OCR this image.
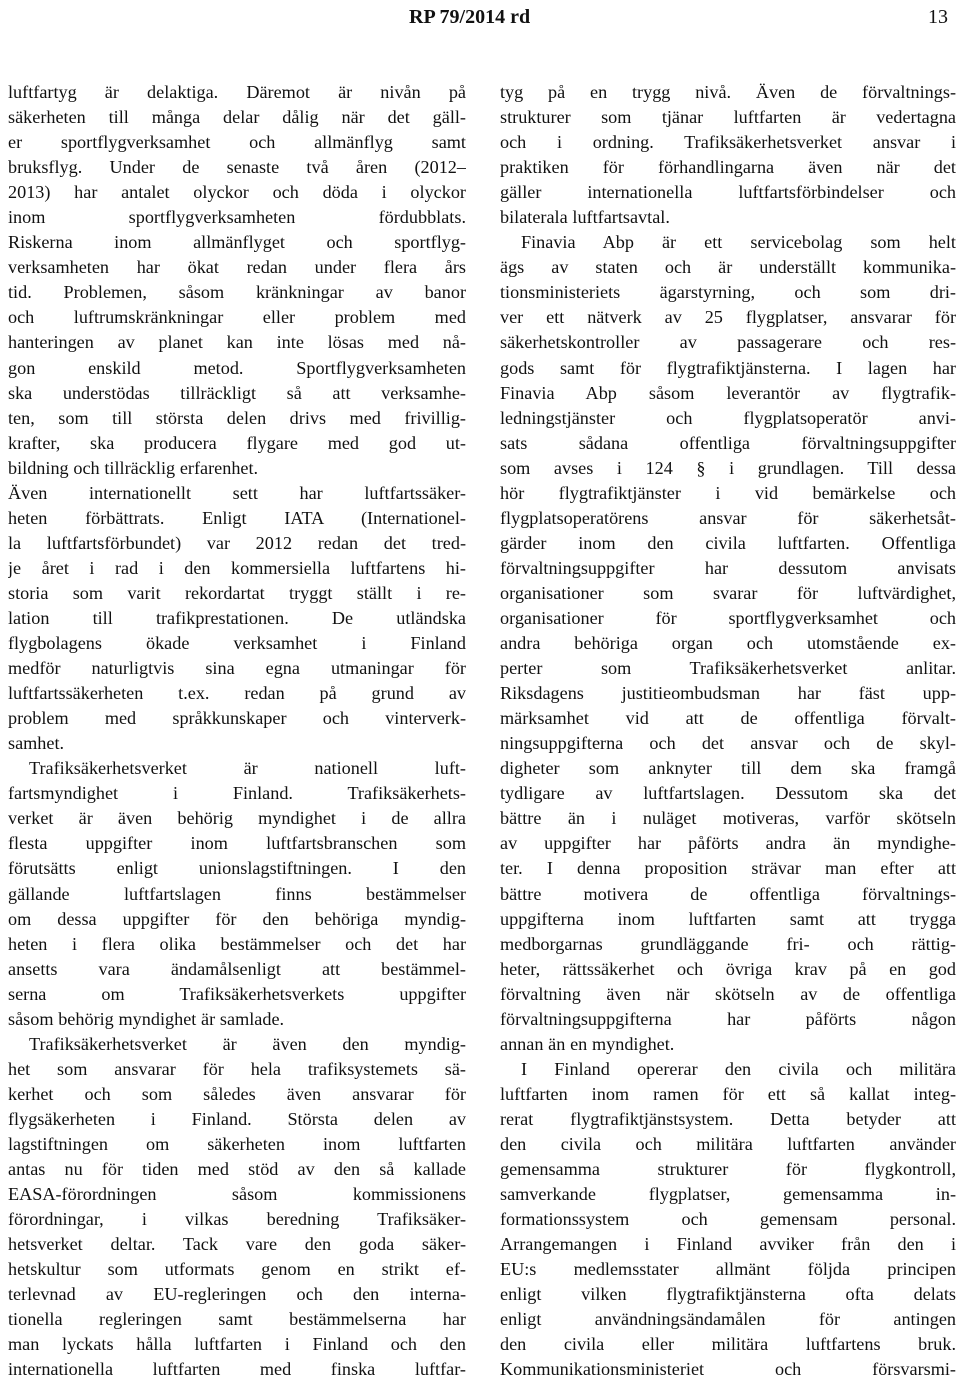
RP 79/2014 rd	13
luftfartyg är delaktiga. Däremot är nivån på
säkerheten till många delar dålig när det gäll-
er sportflygverksamhet och allmänflyg samt
bruksflyg. Under de senaste två åren (2012–
2013) har antalet olyckor och döda i olyckor
inom sportflygverksamheten fördubblats.
Riskerna inom allmänflyget och sportflyg-
verksamheten har ökat redan under flera års
tid. Problemen, såsom kränkningar av banor
och luftrumskränkningar eller problem med
hanteringen av planet kan inte lösas med nå-
gon enskild metod. Sportflygverksamheten
ska understödas tillräckligt så att verksamhe-
ten, som till största delen drivs med frivillig-
krafter, ska producera flygare med god ut-
bildning och tillräcklig erfarenhet.
Även internationellt sett har luftfartssäker-
heten förbättrats. Enligt IATA (Internationel-
la luftfartsförbundet) var 2012 redan det tred-
je året i rad i den kommersiella luftfartens hi-
storia som varit rekordartat tryggt ställt i re-
lation till trafikprestationen. De utländska
flygbolagens ökade verksamhet i Finland
medför naturligtvis sina egna utmaningar för
luftfartssäkerheten t.ex. redan på grund av
problem med språkkunskaper och vinterverk-
samhet.
Trafiksäkerhetsverket är nationell luft-
fartsmyndighet i Finland. Trafiksäkerhets-
verket är även behörig myndighet i de allra
flesta uppgifter inom luftfartsbranschen som
förutsätts enligt unionslagstiftningen. I den
gällande luftfartslagen finns bestämmelser
om dessa uppgifter för den behöriga myndig-
heten i flera olika bestämmelser och det har
ansetts vara ändamålsenligt att bestämmel-
serna om Trafiksäkerhetsverkets uppgifter
såsom behörig myndighet är samlade.
Trafiksäkerhetsverket är även den myndig-
het som ansvarar för hela trafiksystemets sä-
kerhet och som således även ansvarar för
flygsäkerheten i Finland. Största delen av
lagstiftningen om säkerheten inom luftfarten
antas nu för tiden med stöd av den så kallade
EASA-förordningen såsom kommissionens
förordningar, i vilkas beredning Trafiksäker-
hetsverket deltar. Tack vare den goda säker-
hetskultur som utformats genom en strikt ef-
terlevnad av EU-regleringen och den interna-
tionella regleringen samt bestämmelserna har
man lyckats hålla luftfarten i Finland och den
internationella luftfarten med finska luftfar-
tyg på en trygg nivå. Även de förvaltnings-
strukturer som tjänar luftfarten är vedertagna
och i ordning. Trafiksäkerhetsverket ansvar i
praktiken för förhandlingarna även när det
gäller internationella luftfartsförbindelser och
bilaterala luftfartsavtal.
Finavia Abp är ett servicebolag som helt
ägs av staten och är underställt kommunika-
tionsministeriets ägarstyrning, och som dri-
ver ett nätverk av 25 flygplatser, ansvarar för
säkerhetskontroller av passagerare och res-
gods samt för flygtrafiktjänsterna. I lagen har
Finavia Abp såsom leverantör av flygtrafik-
ledningstjänster och flygplatsoperatör anvi-
sats sådana offentliga förvaltningsuppgifter
som avses i 124 § i grundlagen. Till dessa
hör flygtrafiktjänster i vid bemärkelse och
flygplatsoperatörens ansvar för säkerhetsåt-
gärder inom den civila luftfarten. Offentliga
förvaltningsuppgifter har dessutom anvisats
organisationer som svarar för luftvärdighet,
organisationer för sportflygverksamhet och
andra behöriga organ och utomstående ex-
perter som Trafiksäkerhetsverket anlitar.
Riksdagens justitieombudsman har fäst upp-
märksamhet vid att de offentliga förvalt-
ningsuppgifterna och det ansvar och de skyl-
digheter som anknyter till dem ska framgå
tydligare av luftfartslagen. Dessutom ska det
bättre än i nuläget motiveras, varför skötseln
av uppgifter har påförts andra än myndighe-
ter. I denna proposition strävar man efter att
bättre motivera de offentliga förvaltnings-
uppgifterna inom luftfarten samt att trygga
medborgarnas grundläggande fri- och rättig-
heter, rättssäkerhet och övriga krav på en god
förvaltning även när skötseln av de offentliga
förvaltningsuppgifterna har påförts någon
annan än en myndighet.
I Finland opererar den civila och militära
luftfarten inom ramen för ett så kallat integ-
rerat flygtrafiktjänstsystem. Detta betyder att
den civila och militära luftfarten använder
gemensamma strukturer för flygkontroll,
samverkande flygplatser, gemensamma in-
formationssystem och gemensam personal.
Arrangemangen i Finland avviker från den i
EU:s medlemsstater allmänt följda principen
enligt vilken flygtrafiktjänsterna ofta delats
enligt användningsändamålen för antingen
den civila eller militära luftfartens bruk.
Kommunikationsministeriet och försvarsmi-
